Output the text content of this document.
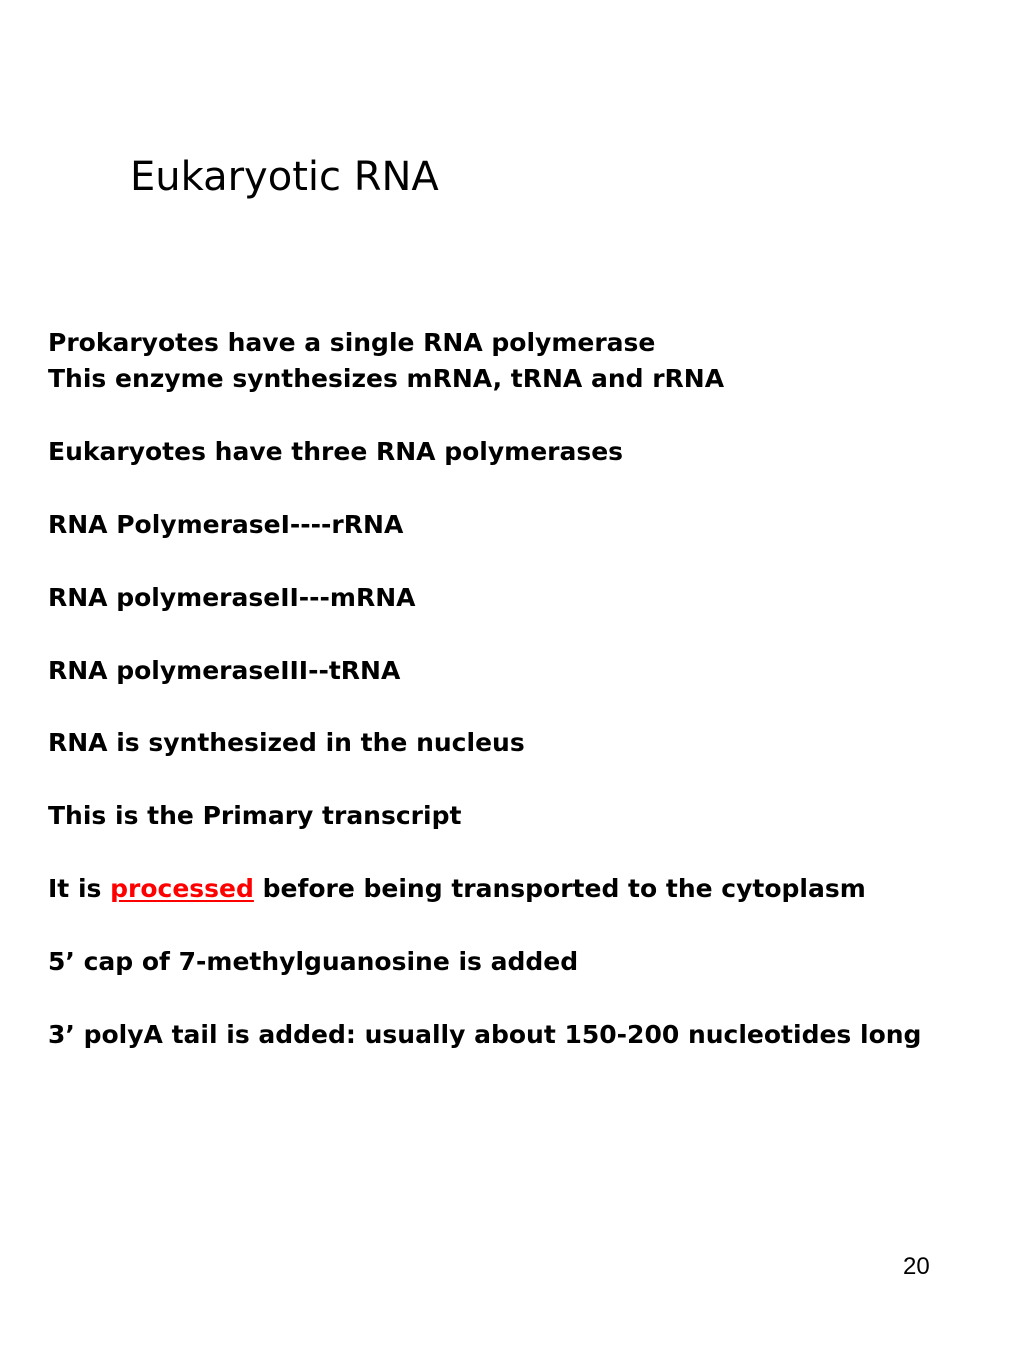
Eukaryotic RNA
Prokaryotes have a single RNA polymerase
This enzyme synthesizes mRNA, tRNA and rRNA
Eukaryotes have three RNA polymerases
RNA PolymeraseI----rRNA
RNA polymeraseII---mRNA
RNA polymeraseIII--tRNA
RNA is synthesized in the nucleus
This is the Primary transcript
It is processed before being transported to the cytoplasm
5’ cap of 7-methylguanosine is added
3’ polyA tail is added: usually about 150-200 nucleotides long
20
